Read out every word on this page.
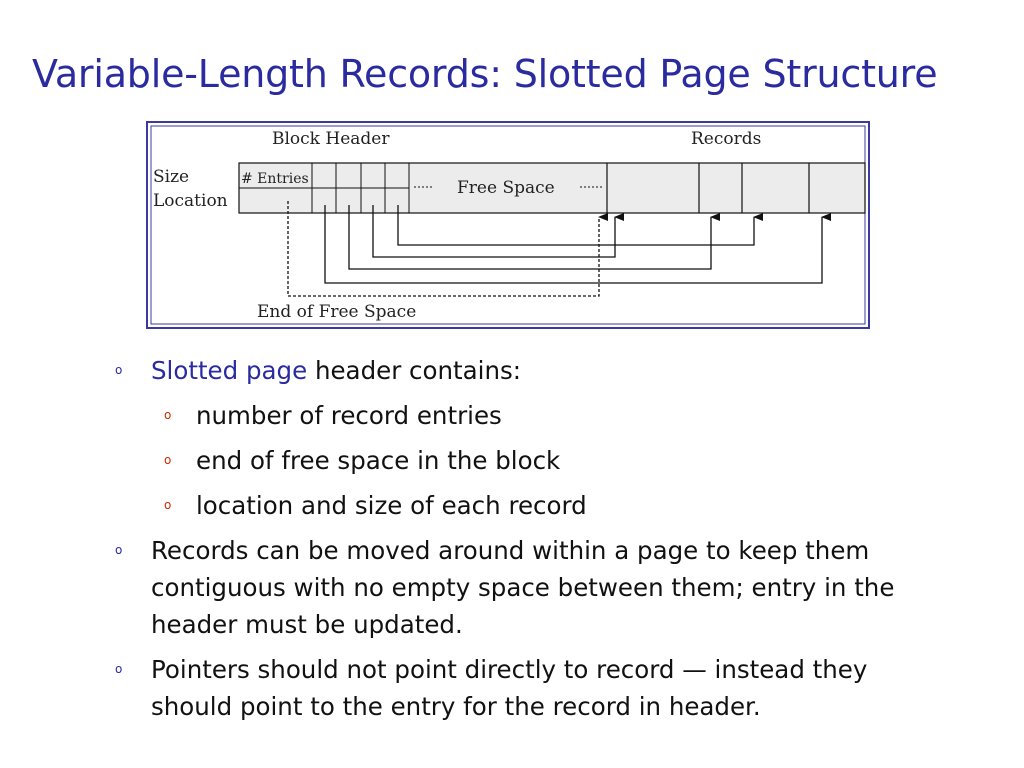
Variable-Length Records: Slotted Page Structure
Block Header	Records
Size
Location
# Entries	Free Space
End of Free Space
o Slotted page header contains:
o number of record entries
o end of free space in the block
o location and size of each record
o Records can be moved around within a page to keep them contiguous with no empty space between them; entry in the header must be updated.
o Pointers should not point directly to record — instead they should point to the entry for the record in header.
